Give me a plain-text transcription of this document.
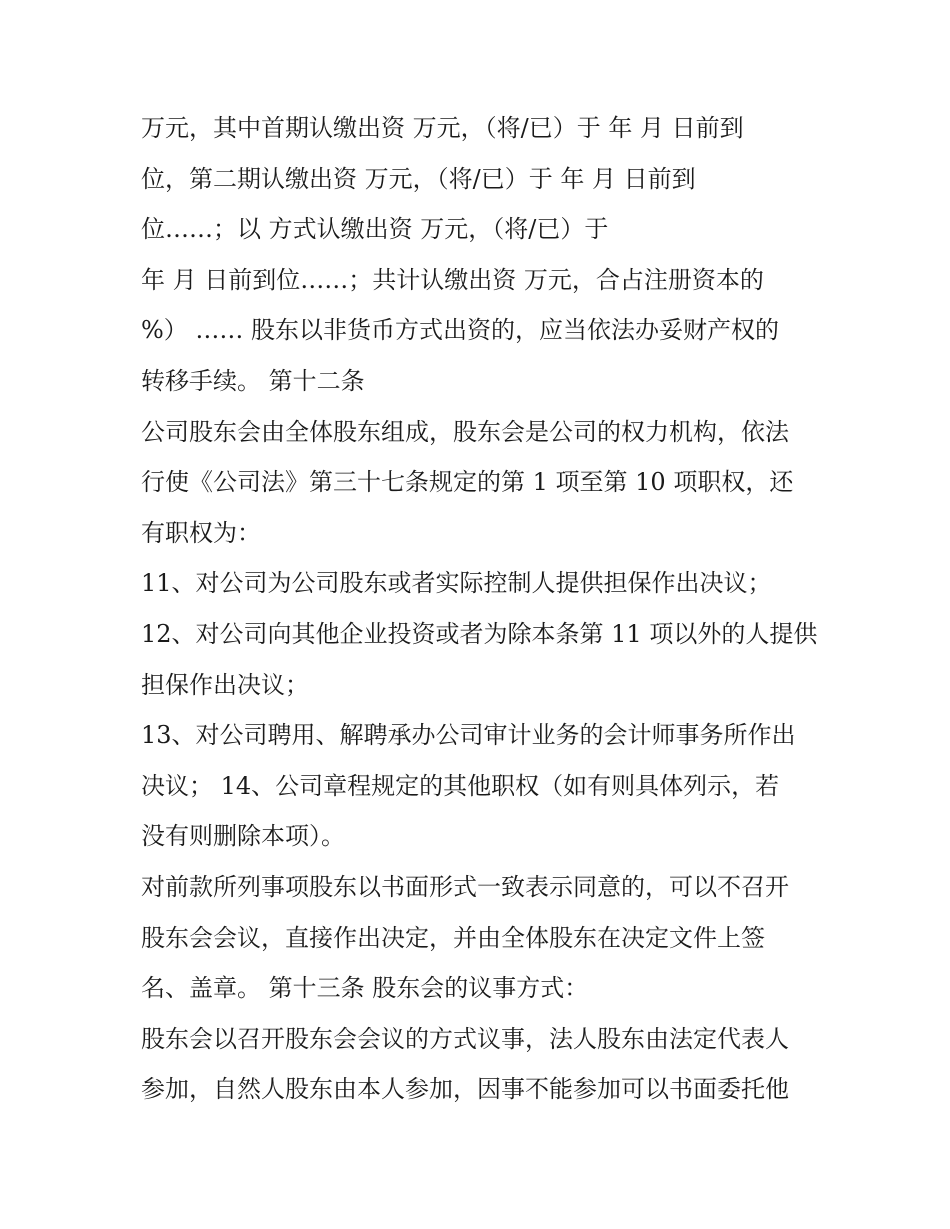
万元，其中首期认缴出资 万元，（将/已）于 年 月 日前到
位，第二期认缴出资 万元，（将/已）于 年 月 日前到
位……；以 方式认缴出资 万元，（将/已）于
年 月 日前到位……；共计认缴出资 万元，合占注册资本的
%） …… 股东以非货币方式出资的，应当依法办妥财产权的
转移手续。 第十二条
公司股东会由全体股东组成，股东会是公司的权力机构，依法
行使《公司法》第三十七条规定的第 1 项至第 10 项职权，还
有职权为：
11、对公司为公司股东或者实际控制人提供担保作出决议；
12、对公司向其他企业投资或者为除本条第 11 项以外的人提供
担保作出决议；
13、对公司聘用、解聘承办公司审计业务的会计师事务所作出
决议； 14、公司章程规定的其他职权（如有则具体列示，若
没有则删除本项）。
对前款所列事项股东以书面形式一致表示同意的，可以不召开
股东会会议，直接作出决定，并由全体股东在决定文件上签
名、盖章。 第十三条 股东会的议事方式：
股东会以召开股东会会议的方式议事，法人股东由法定代表人
参加，自然人股东由本人参加，因事不能参加可以书面委托他
